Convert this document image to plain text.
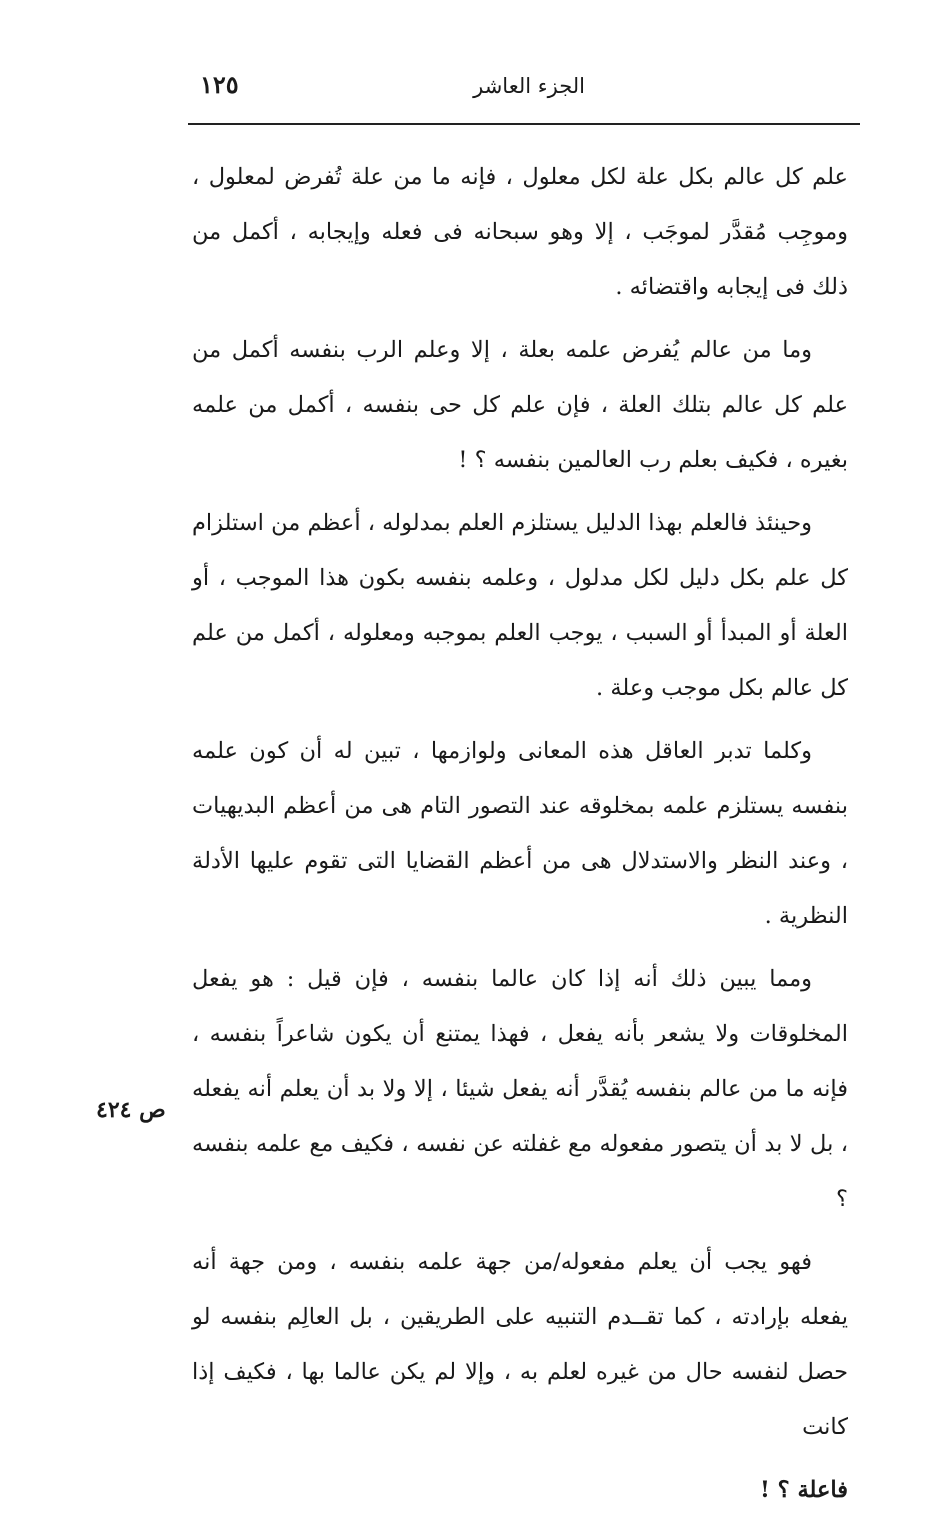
١٢٥	الجزء العاشر
ص ٤٢٤

علم كل عالم بكل علة لكل معلول ، فإنه ما من علة تُفرض لمعلول ، وموجِب مُقدَّر لموجَب ، إلا وهو سبحانه فى فعله وإيجابه ، أكمل من ذلك فى إيجابه واقتضائه .

وما من عالم يُفرض علمه بعلة ، إلا وعلم الرب بنفسه أكمل من علم كل عالم بتلك العلة ، فإن علم كل حى بنفسه ، أكمل من علمه بغيره ، فكيف بعلم رب العالمين بنفسه ؟ !

وحينئذ فالعلم بهذا الدليل يستلزم العلم بمدلوله ، أعظم من استلزام كل علم بكل دليل لكل مدلول ، وعلمه بنفسه بكون هذا الموجب ، أو العلة أو المبدأ أو السبب ، يوجب العلم بموجبه ومعلوله ، أكمل من علم كل عالم بكل موجب وعلة .

وكلما تدبر العاقل هذه المعانى ولوازمها ، تبين له أن كون علمه بنفسه يستلزم علمه بمخلوقه عند التصور التام هى من أعظم البديهيات ، وعند النظر والاستدلال هى من أعظم القضايا التى تقوم عليها الأدلة النظرية .

ومما يبين ذلك أنه إذا كان عالما بنفسه ، فإن قيل : هو يفعل المخلوقات ولا يشعر بأنه يفعل ، فهذا يمتنع أن يكون شاعراً بنفسه ، فإنه ما من عالم بنفسه يُقدَّر أنه يفعل شيئا ، إلا ولا بد أن يعلم أنه يفعله ، بل لا بد أن يتصور مفعوله مع غفلته عن نفسه ، فكيف مع علمه بنفسه ؟

فهو يجب أن يعلم مفعوله/من جهة علمه بنفسه ، ومن جهة أنه يفعله بإرادته ، كما تقــدم التنبيه على الطريقين ، بل العالِم بنفسه لو حصل لنفسه حال من غيره لعلم به ، وإلا لم يكن عالما بها ، فكيف إذا كانت

فاعلة ؟ !
